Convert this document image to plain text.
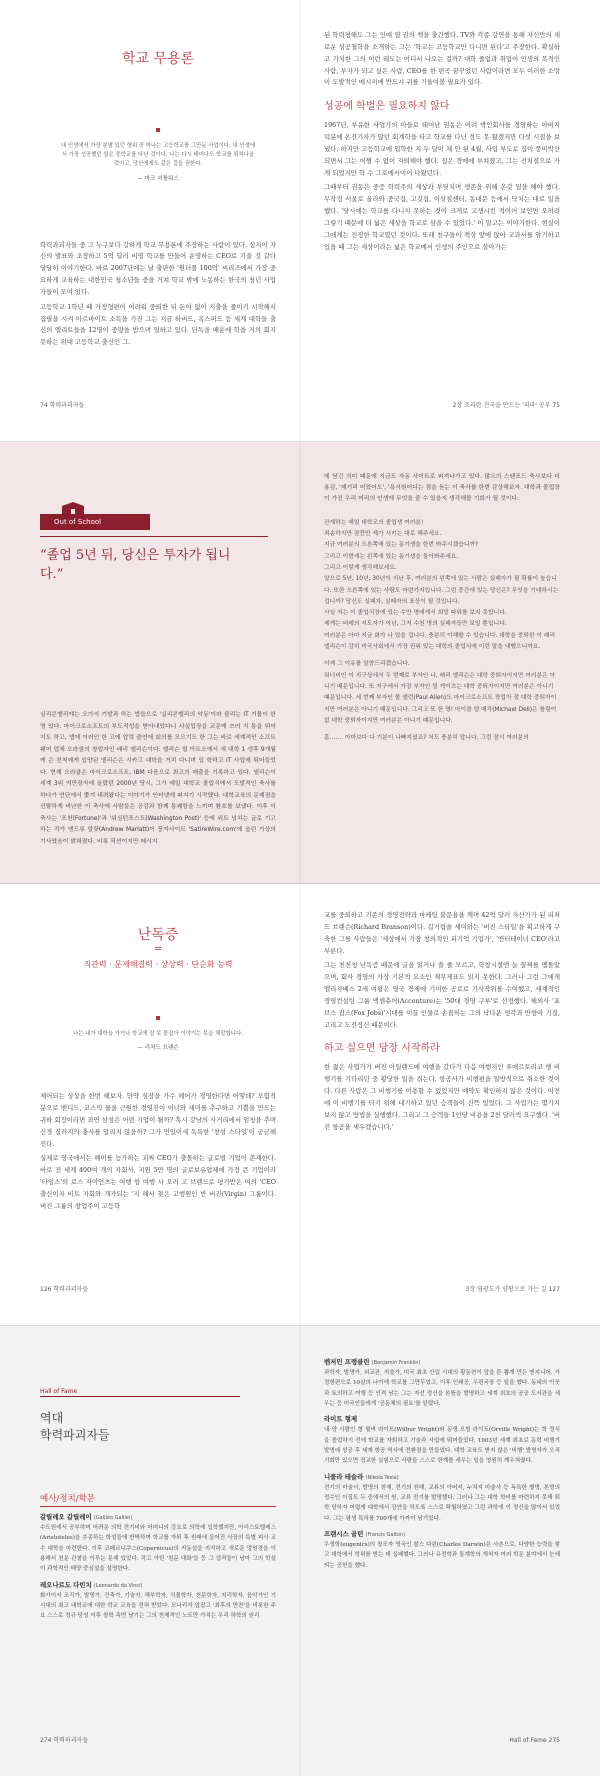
학교 무용론
내 인생에서 가장 분별 있던 행위 중 하나는 고등학교를 그만둔 사업이다. 내 인생에서 가장 성공했던 일은 중학교를 다닌 것이다. 나는 다시 태어나도 학교를 뛰쳐나올 것이고, 당신에게도 같은 걸을 권한다.
— 마크 셔틀워스

학력과괴자들 중 그 누구보다 강하게 학교 무용론에 주장하는 사람이 있다. 심지어 자신의 발표와 조장하고 5억 달러 비영 학교를 만들어 운영하는 CEO로 기울 것 같다 당당히 이야기한다. 바로 2007년에는 날 출판한 '원더풀 100억' 씨리즈에서 가장 중요하게 교육하는 대한민국 청소년들 중을 거쳐 학교 밖에 노동하는 한국의 청년 사업가들이 모여 있다.

고등학교 1학년 때 가정형편이 어려워 중퇴한 뒤 돈이 없어 지출을 줄이기 시작해서 집필을 시켜 아르바이트 소득을 가진 그는 지금 하버드, 옥스퍼드 등 세계 대학들 출신의 엘리트들을 12명이 중량을 받으며 일하고 있다. 단독을 배운에 학을 거의 회지 못하는 위대 고등학교 출신인 그.

74 학력과괴자들

된 학력평해도 그는 인에 열 권의 책을 출간했다. TV와 각종 강연을 통해 자신만의 새로운 성공철학을 소개하는 그는 '학교는 고등학교만 다니면 된다'고 주장한다. 확실하고 가치한 그의 이런 태도는 어디서 나오는 걸까? 대학 졸업과 취업이 인생의 목적인 사람, 부자가 되고 싶은 사람, CEO를 한 편곡 꿈꾸었던 사람이라면 모두 이러한 소망이 도발적인 메시지에 반드시 귀를 기울여볼 필요가 있다.

성공에 학벌은 필요하지 않다

1967년, 부유한 사업가의 아들로 태어난 권동은 어려 박인회사를 경영하는 아버지 덕분에 온전기자가 많던 회계학을 타고 학교를 다닌 경도 못 왔겠지만 다섯 시절을 보냈다. 하지만 고등학교에 입학한 지 두 달이 채 안 된 4월, 사업 부도로 집이 풍비박산되면서 그는 어쩔 수 없이 자퇴해야 했다. 집은 경매에 부쳐졌고, 그는 전처절으로 가게 되었지만 학 수 그로에서이어 나왔던다.

그때부터 권동은 중증 학력주의 세상과 부딪치며 생존을 위해 온갖 일을 해야 했다. 무작정 서울로 올라와 중국집, 고깃집, 이삿짐센터, 동대문 등에서 닥치는 대로 일을 했다. '당시에는 학교를 다니지 못하는 것이 크게로 고생시킨 적이어 보인만 오히려 그렇기 때문에 더 넓은 세상을 학교로 삼을 수 있었다.' 이 말고는 이야기한다. 현실이 그에게는 진정한 학교였던 것이다. 또래 친구들이 책상 앞에 앉아 교과서를 암기하고 있을 때 그는 세상이라는 넓은 학교에서 인생의 주인으로 살아가는

2장 조리란 진국을 만드는 '피라' 공부 75
Out of School
“졸업 5년 뒤, 당신은 투자가 됩니다.”

실리콘밸리에는 오가지 기발과 하는 법들으로 '실리콘밸리의 악동'이라 불리는 IT 거물이 한 명 있다. 마이크로소프트의 부도적성을 받아내었다니 사실입장을 교문에 쓰러 지 통을 뛰어지도 하고, 앱에 이러인 한 고에 압력 출연에 회의를 모으기도 한 그는 바로 세계적인 소프트웨어 업체 오라클의 창업자인 래리 엘리슨이다. 엘리슨 씰 아트오에서 세 대학 1 생후 9개월에 은 친척에게 입양된 엘리슨은 시카고 대학을 거치 다니며 입 학하고 IT 사업에 뛰어들었다. 현재 오라클은 마이크로소프트, IBM 다음으로 최고의 매출을 기록하고 있다. 엘리슨이 세계 3위 억만장자에 올랐던 2000년 당시, 그가 예일 대학교 졸업식에서 도발적인 축사를 하다가 연단에서 쫓겨 내려왔다는 이야기가 인터넷에 퍼지기 시작했다. 대학교육의 문제점을 신랄하게 비난한 이 축사에 사람들은 공감과 함께 통쾌함을 느끼며 환호를 보냈다. 이후 이 축사는 '포천(Fortune)'과 '워싱턴포스트(Washington Post)' 등에 위트 넘치는 글로 기고하는 작가 앤드류 말랏(Andrew Marlatt)이 풍자사이트 'SatireWire.com'에 올린 가상의 기사였음이 밝혀졌다. 비록 픽션이지만 메시지

에 담긴 의미 때문에 지금도 자동 사이트로 퍼져나가고 있다. 많으의 스탠포드 축사보다 더 용감, '제기리 어었어도', '욕서원어디는 점을 듣는 이 축사를 한번 감상해보자. 대학과 졸업장이 가진 우리 머리의 인생에 무엇을 줄 수 있을지 생각해볼 기회가 될 것이다.

잔재하는 예일 대학교의 졸업생 여러분!
죄송하지만 잠깐만 제가 시키는 대로 해주세요.
지금 여러분의 오른쪽에 있는 동기생을 한번 봐주시겠습니까?
그리고 이번에는 왼쪽에 있는 동기생을 둘아봐주세요.
그리고 이렇게 생각해보세요.
앞으로 5년, 10년, 30년이 지난 후, 여러분의 왼쪽에 있는 사람은 실패자가 될 확률이 높습니다. 또한 오른쪽에 있는 사람도 마련가지입니다. 그럼 중간에 있는 당신은? 무엇을 기대하시는 겁니까? 당신도 실패자, 실패자의 표상이 될 것입니다.
사실 저는 이 졸업식장에 있는 수만 명에게서 희망 따위를 보지 못합니다.
제게는 떠레의 지도자가 아닌, 그저 수천 명의 실패자들만 보일 뿐입니다.
여러분은 아마 지금 화가 나 있을 겁니다. 충분히 이해할 수 있습니다. 대학을 중퇴한 이 래리 엘리슨이 감히 미국사회에서 가장 권위 있는 대학의 졸업식에 이런 말을 내뱉으니까요.
이제 그 이유를 말씀드리겠습니다.
워너비인 이 지구상에서 두 번째로 부자인 나, 래리 엘리슨은 대학 중퇴자이지만 여러분은 아니기 때문입니다. 또 지구에서 가장 부자인 빌 게이츠는 대학 중퇴자이지만 여러분은 아니기 때문입니다. 세 번째 부자인 폴 앨런(Paul Allen)도 마이크로소프트 창업자 잘 대학 중퇴자이지만 여러분은 아니기 때문입니다. 그리고 또 한 명! 마이클 델 매각(Michael Dell)은 틀림이 없 대학 중퇴자이지만 여러분은 아니기 때문입니다.
흠……. 아마보다 다 기분이 나빠지셨죠? 처도 충분히 압니다. 그럼 잠시 여러분의
난독증
=
직관력 · 문제해결력 · 상상력 · 단순화 능력
나는 내가 대학을 가거나 학교에 잘 못 붙잡아 이야기는 못을 채말합니다.
— 리처드 브랜슨

제어되는 상상을 한번 해보자. 만약 성장을 가수 헤어가 경영한다면 어떻데? 모험적 분으로 밴디드, 코스믹 물을 근원한 경영진이 이너와 새미를 추구하고 기쁨을 만드는 귀하 회장이라면 과연 삼성은 어떤 기업이 될까? 혹시 강남의 사거리에서 엄청을 추며 신경 질러지의 충사를 알리지 않을까? 그가 언일이세 독특한 '창성 스타일'이 궁금해진다.

실제로 영국에서는 헤어를 능가하는 괴짜 CEO가 출몰하는 글로벌 기업이 존재한다. 바로 전 세계 400여 개의 자회사, 지원 5만 명의 글로보유업체에 가정 큰 기업이라 '타임스'의 로스 자이언츠는 여행 항 여행 사 오러 고 브랜드로 평가받은 여의 'CEO 출신이자 비트 자회와 개가되는 '지 해서 찾은 고행원인 반 버진(Virgin) 그룹이다. 버진 그룹의 창업주이 고등학

126 학력과괴자들

교를 중퇴하고 기존의 경영전략과 마케팅 불문율을 깨며 42억 달러 자산가가 된 리처드 브랜슨(Richard Branson)이다. 길거림을 세미와는 '버진 스타일'을 확고하게 구축한 그를 사람들은 '세상에서 가장 창의적인 피기억 기업가', '엔터테이너 CEO'라고 부른다.

그는 친천청 난독증 때문에 글을 읽거나 쓸 줄 모르고, 학창시절엔 늘 꼴찌를 맴돌았으며, 회사 경영의 가장 기본적 요소인 재무제표도 읽지 못한다. 그러나 그런 그에게 엘리자베스 2세 여왕은 영국 경제에 기여한 공로로 기사작위를 수여했고, 세계적인 경영컨설팅 그룹 액센츄어(Accenture)는 '50대 경영 구루'로 선정했다. 해외사 '포브스 잡스(Fox Jobs)'시대를 이끌 인물로 손꼽히는 그의 낙다운 생각과 반항아 기질, 고리고 도전정신 때문이다.

하고 싶으면 당장 시작하라

한 젊은 사업가가 버진 아일랜드에 여행을 갔다가 다음 여행지인 푸에르토리코 행 비행기를 기다리던 중 황당한 일을 겪는다. 항공사가 비행편을 일방적으로 취소한 것이다. 다른 사람은 그 비행기를 이용할 수 있었지만 예약도 확인하지 않은 것이다. 이전에 이 비행기를 타기 위해 대기하고 있던 승객들이 잔뜩 있었다. 그 사업가는 몇가지 보지 않고 방법을 실행했다. 그리고 그 승객들 1인당 비용을 2천 달러씩 요구했다. '버진 항공을 세우겠습니다.'

3장 영광도가 양왕으로 가는 길 127
Hall of Fame
역대
학력파괴자들
예사/정치/학문
갈릴레오 갈릴레이 (Galileo Galilei)

수도원에서 공부하며 어려운 의학 전기비와 어머니의 강요로 의학에 입학했지만, 아리스토텔레스(Aristoteles)을 추종하는 학설들에 반박하며 학교를 자퇴 후 원래에 들어진 사장의 특별 피사 교수 대학을 마련한다. 이후 코페르니쿠스(Copernicus)의 지동설을 지지하고 새로운 망원경을 이용해서 천문 관찰을 이루는 문제 있었다. 작고 아틴 '천문 대화'들 등 그 업적들이 남아 그의 학설이 과학적인 태양 중심설을 설명한다.

레오나르도 다빈치 (Leonardo da Vinci)

화가이자 조각가, 발명가, 건축가, 기술자, 해부학자, 식물학자, 천문학자, 지리학자, 음악가인 기 시대의 최고 대학교에 대한 학교 교육을 전혀 받았다. 모나리자 앞잡고 '최후의 만찬'을 비롯한 주요 스스로 정규 당성 이후 철학 측면 남기는 그의 천재적인 노트만 가치는 우리 하학의 원리

274 학력파괴자들
벤저민 프랭클린 (Benjamin Franklin)

과학자, 발명가, 외교관, 저술가, 미국 최초 산업 시대의 황동현이 앞을 뜬 뽑게 만든 엔지니어. 가정형편으로 10살의 나이에 학교를 그만두었고, 이후 인쇄공, 우편국장 등 일을 했다. 동네의 이웃과 토의하고 여행 등 인격 남는 그는 자선 정신을 본뜸을 발명하고 세계 최초의 공공 도서관을 세우는 등 미국인들에게 '공동체의 필요'를 알렸다.

라이트 형제

내 양 사람인 형 윌버 라이트(Wilbur Wright)와 동생 오빌 라이트(Orville Wright)는 학 정식을 졸업하기 전에 학교를 자퇴하고 기술과 사업에 뛰어들었다. 1903년 세계 최초로 동력 비행기 발명에 성공 후 세계 항공 역사에 전환점을 만들었다. 대학 교육도 받지 않은 '비행' 발명자가 오직 기회만 있으면 정교한 실험으로 사람들 스스로 한계를 세우는 일을 영원히 깨우쳐줬다.

니콜라 테슬라 (Nikola Tesla)

전기의 마술사, 발명의 천재, 전기의 원래, 교류의 아버지, 누쳐지 마술사 등 독특한 별명, 본명의 정수인 이집트 두 중에서의 원, 교류 전기를 발명했다. 그러나 그는 대학 학비를 마련하지 못해 퇴학 당하자 어렵게 대학에서 강연을 하도록 스스로 탁월하였고 그런 과학에 이 정신을 많아서 있었다. 그는 평생 특허를 700개에 가까이 남기었다.

프랜시스 골턴 (Francis Galton)

우생학(eugenics)의 창조자 영국인 찰스 다윈(Charles Darwin)은 사촌으로, 다양한 능력을 쌓고 대학에서 학위를 받는 데 실패했다. 그러나 유전학과 통계학의 개척자 여러 학문 분야에서 눈에 띄는 공헌을 했다.

Hall of Fame 275
